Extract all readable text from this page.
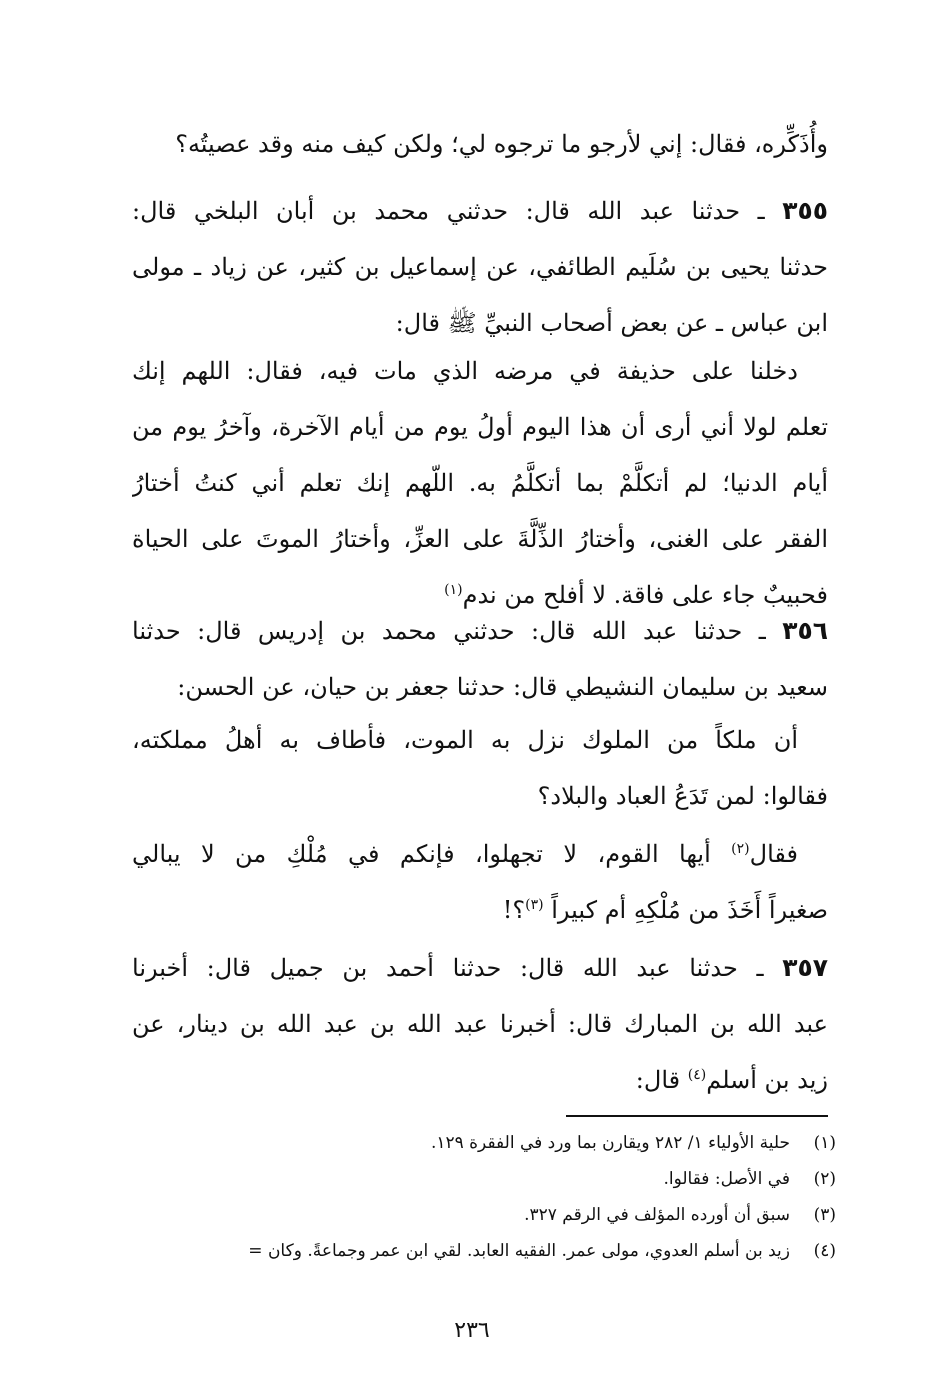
وأُذَكِّره، فقال: إني لأرجو ما ترجوه لي؛ ولكن كيف منه وقد عصيتُه؟
٣٥٥ ـ حدثنا عبد الله قال: حدثني محمد بن أبان البلخي قال:
حدثنا يحيى بن سُلَيم الطائفي، عن إسماعيل بن كثير، عن زياد ـ مولى
ابن عباس ـ عن بعض أصحاب النبيِّ ﷺ قال:
دخلنا على حذيفة في مرضه الذي مات فيه، فقال: اللهم إنك
تعلم لولا أني أرى أن هذا اليوم أولُ يوم من أيام الآخرة، وآخرُ يوم من
أيام الدنيا؛ لم أتكلَّمْ بما أتكلَّمُ به. اللّهم إنك تعلم أني كنتُ أختارُ
الفقر على الغنى، وأختارُ الذِّلَّةَ على العزِّ، وأختارُ الموتَ على الحياة
فحبيبٌ جاء على فاقة. لا أفلح من ندم$^{(١)}$
٣٥٦ ـ حدثنا عبد الله قال: حدثني محمد بن إدريس قال: حدثنا
سعيد بن سليمان النشيطي قال: حدثنا جعفر بن حيان، عن الحسن:
أن ملكاً من الملوك نزل به الموت، فأطاف به أهلُ مملكته،
فقالوا: لمن تَدَعُ العباد والبلاد؟
فقال$^{(٢)}$ أيها القوم، لا تجهلوا، فإنكم في مُلْكِ من لا يبالي
صغيراً أَخَذَ من مُلْكِهِ أم كبيراً $^{(٣)}$؟!
٣٥٧ ـ حدثنا عبد الله قال: حدثنا أحمد بن جميل قال: أخبرنا
عبد الله بن المبارك قال: أخبرنا عبد الله بن عبد الله بن دينار، عن
زيد بن أسلم$^{(٤)}$ قال:
(١)
حلية الأولياء ١/ ٢٨٢ ويقارن بما ورد في الفقرة ١٢٩.
(٢)
في الأصل: فقالوا.
(٣)
سبق أن أورده المؤلف في الرقم ٣٢٧.
(٤)
زيد بن أسلم العدوي، مولى عمر. الفقيه العابد. لقي ابن عمر وجماعةً. وكان =
٢٣٦
